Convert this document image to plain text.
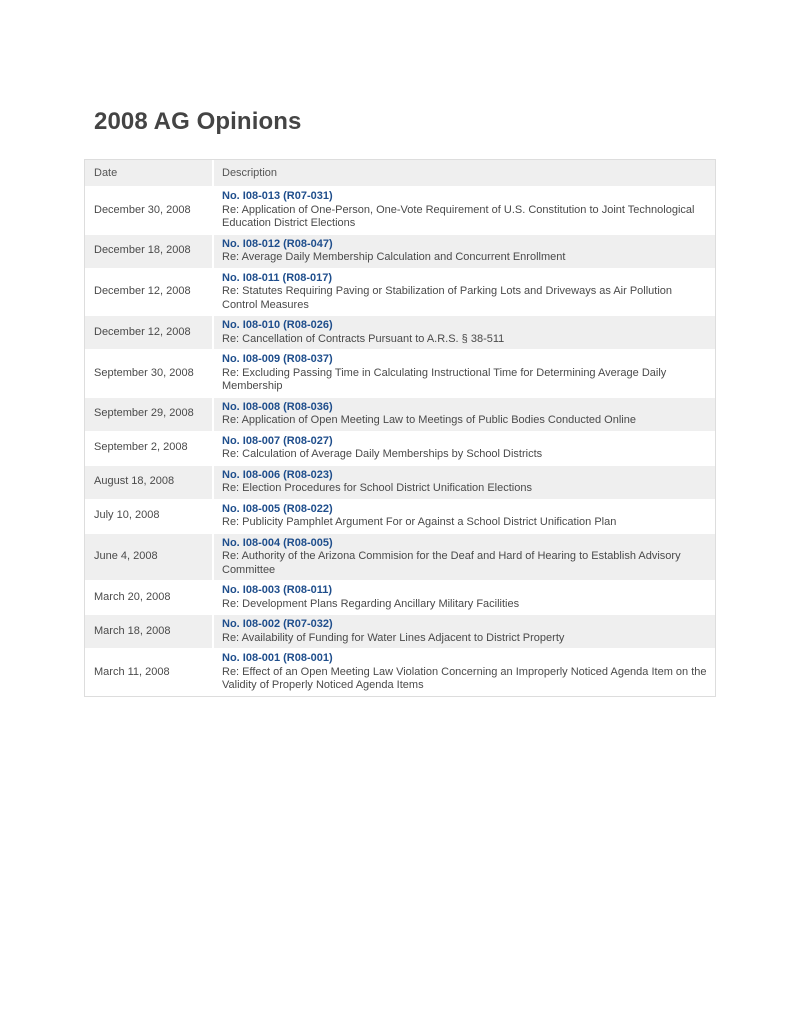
2008 AG Opinions
Date	Description
December 30, 2008	No. I08-013 (R07-031)
Re: Application of One-Person, One-Vote Requirement of U.S. Constitution to Joint Technological Education District Elections

December 18, 2008	No. I08-012 (R08-047)
Re: Average Daily Membership Calculation and Concurrent Enrollment

December 12, 2008	No. I08-011 (R08-017)
Re: Statutes Requiring Paving or Stabilization of Parking Lots and Driveways as Air Pollution Control Measures

December 12, 2008	No. I08-010 (R08-026)
Re: Cancellation of Contracts Pursuant to A.R.S. § 38-511

September 30, 2008	No. I08-009 (R08-037)
Re: Excluding Passing Time in Calculating Instructional Time for Determining Average Daily Membership

September 29, 2008	No. I08-008 (R08-036)
Re: Application of Open Meeting Law to Meetings of Public Bodies Conducted Online

September 2, 2008	No. I08-007 (R08-027)
Re: Calculation of Average Daily Memberships by School Districts

August 18, 2008	No. I08-006 (R08-023)
Re: Election Procedures for School District Unification Elections

July 10, 2008	No. I08-005 (R08-022)
Re: Publicity Pamphlet Argument For or Against a School District Unification Plan

June 4, 2008	No. I08-004 (R08-005)
Re: Authority of the Arizona Commision for the Deaf and Hard of Hearing to Establish Advisory Committee

March 20, 2008	No. I08-003 (R08-011)
Re: Development Plans Regarding Ancillary Military Facilities

March 18, 2008	No. I08-002 (R07-032)
Re: Availability of Funding for Water Lines Adjacent to District Property

March 11, 2008	No. I08-001 (R08-001)
Re: Effect of an Open Meeting Law Violation Concerning an Improperly Noticed Agenda Item on the Validity of Properly Noticed Agenda Items
